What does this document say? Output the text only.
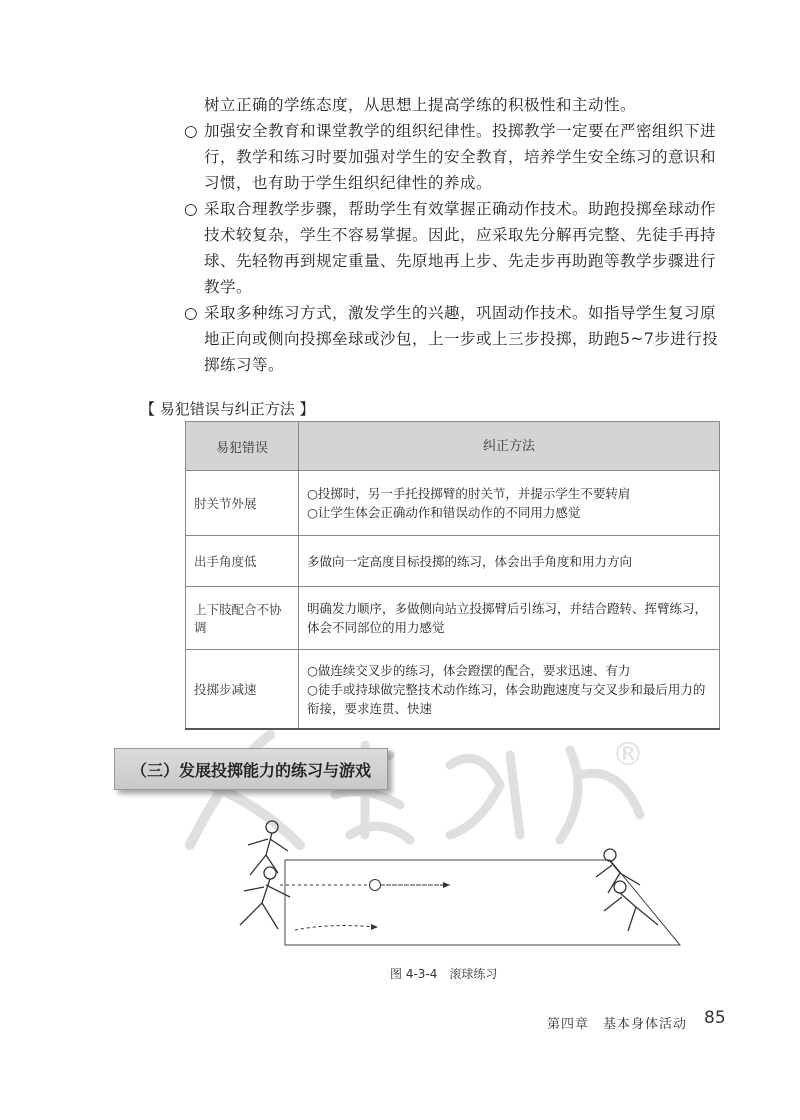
树立正确的学练态度，从思想上提高学练的积极性和主动性。

○ 加强安全教育和课堂教学的组织纪律性。投掷教学一定要在严密组织下进行，教学和练习时要加强对学生的安全教育，培养学生安全练习的意识和习惯，也有助于学生组织纪律性的养成。

○ 采取合理教学步骤，帮助学生有效掌握正确动作技术。助跑投掷垒球动作技术较复杂，学生不容易掌握。因此，应采取先分解再完整、先徒手再持球、先轻物再到规定重量、先原地再上步、先走步再助跑等教学步骤进行教学。

○ 采取多种练习方式，激发学生的兴趣，巩固动作技术。如指导学生复习原地正向或侧向投掷垒球或沙包，上一步或上三步投掷，助跑5~7步进行投掷练习等。

【 易犯错误与纠正方法 】
易犯错误	纠正方法
肘关节外展	○投掷时，另一手托投掷臂的肘关节，并提示学生不要转肩
○让学生体会正确动作和错误动作的不同用力感觉

出手角度低	多做向一定高度目标投掷的练习，体会出手角度和用力方向

上下肢配合不协调	明确发力顺序，多做侧向站立投掷臂后引练习，并结合蹬转、挥臂练习，体会不同部位的用力感觉

投掷步减速	○做连续交叉步的练习，体会蹬摆的配合，要求迅速、有力
○徒手或持球做完整技术动作练习，体会助跑速度与交叉步和最后用力的衔接，要求连贯、快速
®
（三）发展投掷能力的练习与游戏
图 4-3-4　滚球练习
第四章　基本身体活动 85
